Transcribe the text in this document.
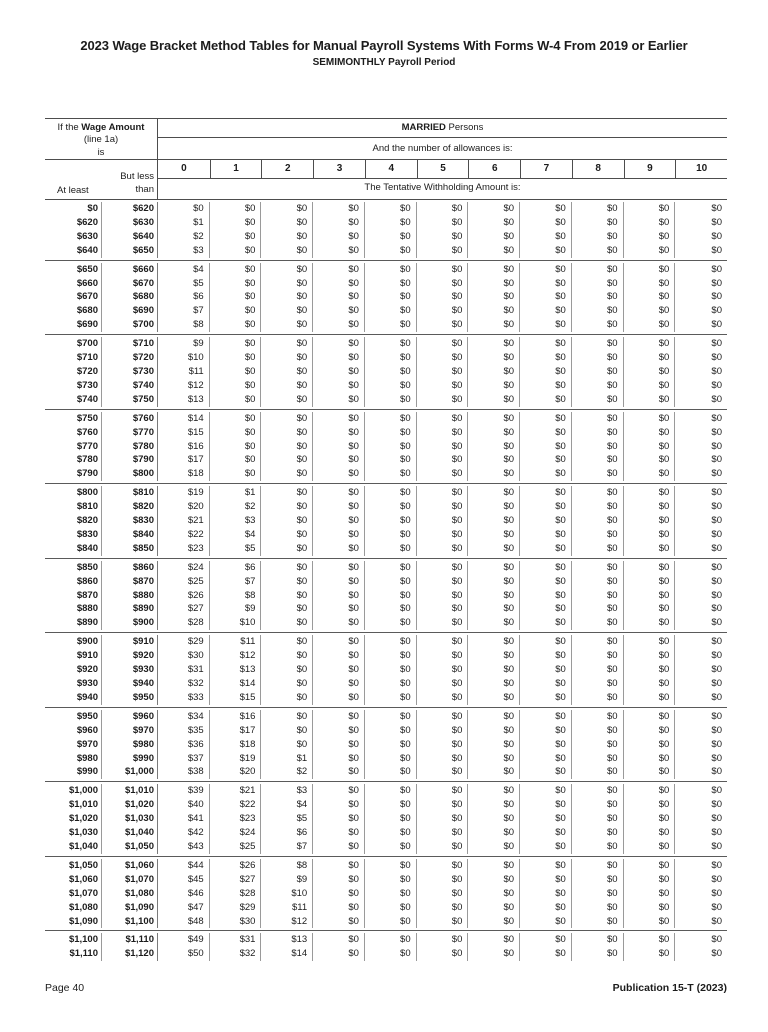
2023 Wage Bracket Method Tables for Manual Payroll Systems With Forms W-4 From 2019 or Earlier
SEMIMONTHLY Payroll Period
If the Wage Amount
(line 1a)
is
At least
But less
than
MARRIED Persons
And the number of allowances is:
0	1	2	3	4	5	6	7	8	9	10
The Tentative Withholding Amount is:
$0	$620	$0	$0	$0	$0	$0	$0	$0	$0	$0	$0	$0
$620	$630	$1	$0	$0	$0	$0	$0	$0	$0	$0	$0	$0
$630	$640	$2	$0	$0	$0	$0	$0	$0	$0	$0	$0	$0
$640	$650	$3	$0	$0	$0	$0	$0	$0	$0	$0	$0	$0
$650	$660	$4	$0	$0	$0	$0	$0	$0	$0	$0	$0	$0
$660	$670	$5	$0	$0	$0	$0	$0	$0	$0	$0	$0	$0
$670	$680	$6	$0	$0	$0	$0	$0	$0	$0	$0	$0	$0
$680	$690	$7	$0	$0	$0	$0	$0	$0	$0	$0	$0	$0
$690	$700	$8	$0	$0	$0	$0	$0	$0	$0	$0	$0	$0
$700	$710	$9	$0	$0	$0	$0	$0	$0	$0	$0	$0	$0
$710	$720	$10	$0	$0	$0	$0	$0	$0	$0	$0	$0	$0
$720	$730	$11	$0	$0	$0	$0	$0	$0	$0	$0	$0	$0
$730	$740	$12	$0	$0	$0	$0	$0	$0	$0	$0	$0	$0
$740	$750	$13	$0	$0	$0	$0	$0	$0	$0	$0	$0	$0
$750	$760	$14	$0	$0	$0	$0	$0	$0	$0	$0	$0	$0
$760	$770	$15	$0	$0	$0	$0	$0	$0	$0	$0	$0	$0
$770	$780	$16	$0	$0	$0	$0	$0	$0	$0	$0	$0	$0
$780	$790	$17	$0	$0	$0	$0	$0	$0	$0	$0	$0	$0
$790	$800	$18	$0	$0	$0	$0	$0	$0	$0	$0	$0	$0
$800	$810	$19	$1	$0	$0	$0	$0	$0	$0	$0	$0	$0
$810	$820	$20	$2	$0	$0	$0	$0	$0	$0	$0	$0	$0
$820	$830	$21	$3	$0	$0	$0	$0	$0	$0	$0	$0	$0
$830	$840	$22	$4	$0	$0	$0	$0	$0	$0	$0	$0	$0
$840	$850	$23	$5	$0	$0	$0	$0	$0	$0	$0	$0	$0
$850	$860	$24	$6	$0	$0	$0	$0	$0	$0	$0	$0	$0
$860	$870	$25	$7	$0	$0	$0	$0	$0	$0	$0	$0	$0
$870	$880	$26	$8	$0	$0	$0	$0	$0	$0	$0	$0	$0
$880	$890	$27	$9	$0	$0	$0	$0	$0	$0	$0	$0	$0
$890	$900	$28	$10	$0	$0	$0	$0	$0	$0	$0	$0	$0
$900	$910	$29	$11	$0	$0	$0	$0	$0	$0	$0	$0	$0
$910	$920	$30	$12	$0	$0	$0	$0	$0	$0	$0	$0	$0
$920	$930	$31	$13	$0	$0	$0	$0	$0	$0	$0	$0	$0
$930	$940	$32	$14	$0	$0	$0	$0	$0	$0	$0	$0	$0
$940	$950	$33	$15	$0	$0	$0	$0	$0	$0	$0	$0	$0
$950	$960	$34	$16	$0	$0	$0	$0	$0	$0	$0	$0	$0
$960	$970	$35	$17	$0	$0	$0	$0	$0	$0	$0	$0	$0
$970	$980	$36	$18	$0	$0	$0	$0	$0	$0	$0	$0	$0
$980	$990	$37	$19	$1	$0	$0	$0	$0	$0	$0	$0	$0
$990	$1,000	$38	$20	$2	$0	$0	$0	$0	$0	$0	$0	$0
$1,000	$1,010	$39	$21	$3	$0	$0	$0	$0	$0	$0	$0	$0
$1,010	$1,020	$40	$22	$4	$0	$0	$0	$0	$0	$0	$0	$0
$1,020	$1,030	$41	$23	$5	$0	$0	$0	$0	$0	$0	$0	$0
$1,030	$1,040	$42	$24	$6	$0	$0	$0	$0	$0	$0	$0	$0
$1,040	$1,050	$43	$25	$7	$0	$0	$0	$0	$0	$0	$0	$0
$1,050	$1,060	$44	$26	$8	$0	$0	$0	$0	$0	$0	$0	$0
$1,060	$1,070	$45	$27	$9	$0	$0	$0	$0	$0	$0	$0	$0
$1,070	$1,080	$46	$28	$10	$0	$0	$0	$0	$0	$0	$0	$0
$1,080	$1,090	$47	$29	$11	$0	$0	$0	$0	$0	$0	$0	$0
$1,090	$1,100	$48	$30	$12	$0	$0	$0	$0	$0	$0	$0	$0
$1,100	$1,110	$49	$31	$13	$0	$0	$0	$0	$0	$0	$0	$0
$1,110	$1,120	$50	$32	$14	$0	$0	$0	$0	$0	$0	$0	$0
Page 40	Publication 15-T (2023)
